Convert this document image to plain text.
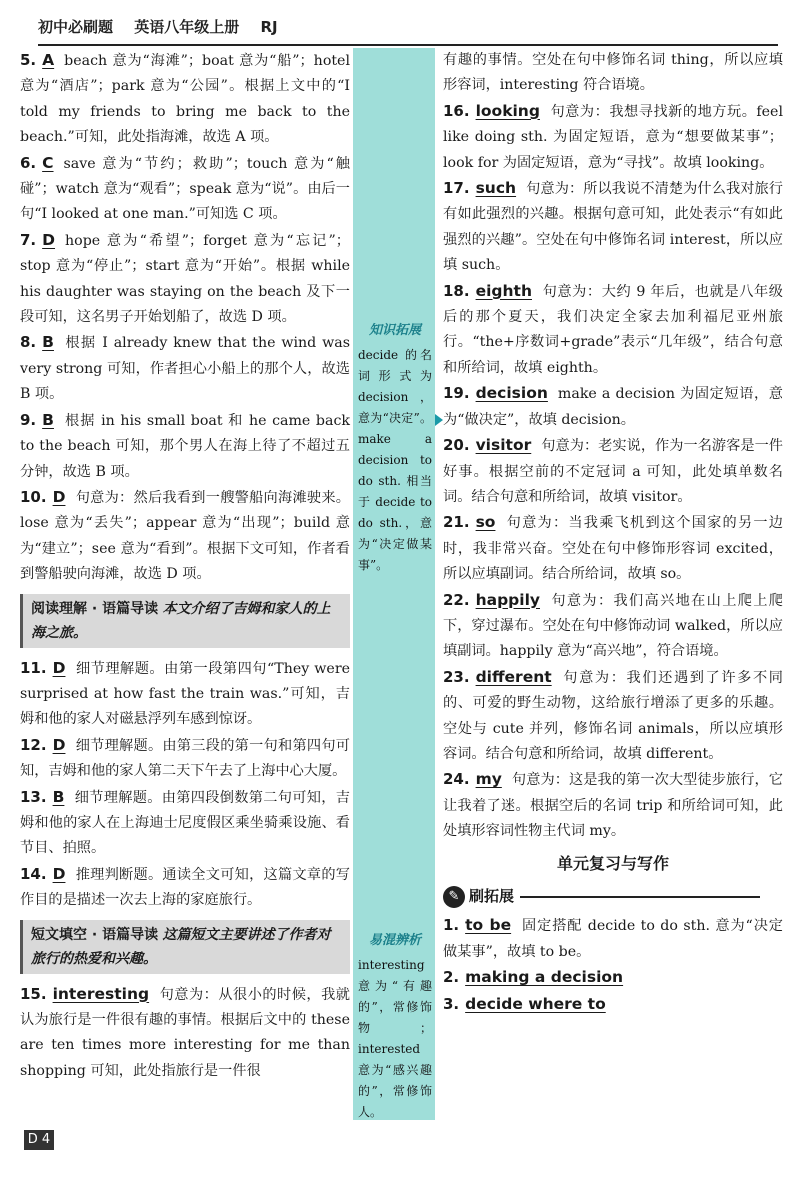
初中必刷题 英语八年级上册 RJ
5. A beach 意为“海滩”；boat 意为“船”；hotel 意为“酒店”；park 意为“公园”。根据上文中的“I told my friends to bring me back to the beach.”可知，此处指海滩，故选 A 项。
6. C save 意为“节约；救助”；touch 意为“触碰”；watch 意为“观看”；speak 意为“说”。由后一句“I looked at one man.”可知选 C 项。
7. D hope 意为“希望”；forget 意为“忘记”；stop 意为“停止”；start 意为“开始”。根据 while his daughter was staying on the beach 及下一段可知，这名男子开始划船了，故选 D 项。
8. B 根据 I already knew that the wind was very strong 可知，作者担心小船上的那个人，故选 B 项。
9. B 根据 in his small boat 和 he came back to the beach 可知，那个男人在海上待了不超过五分钟，故选 B 项。
10. D 句意为：然后我看到一艘警船向海滩驶来。lose 意为“丢失”；appear 意为“出现”；build 意为“建立”；see 意为“看到”。根据下文可知，作者看到警船驶向海滩，故选 D 项。
阅读理解 · 语篇导读 本文介绍了吉姆和家人的上海之旅。
11. D 细节理解题。由第一段第四句“They were surprised at how fast the train was.”可知，吉姆和他的家人对磁悬浮列车感到惊讶。
12. D 细节理解题。由第三段的第一句和第四句可知，吉姆和他的家人第二天下午去了上海中心大厦。
13. B 细节理解题。由第四段倒数第二句可知，吉姆和他的家人在上海迪士尼度假区乘坐骑乘设施、看节目、拍照。
14. D 推理判断题。通读全文可知，这篇文章的写作目的是描述一次去上海的家庭旅行。
短文填空 · 语篇导读 这篇短文主要讲述了作者对旅行的热爱和兴趣。
15. interesting 句意为：从很小的时候，我就认为旅行是一件很有趣的事情。根据后文中的 these are ten times more interesting for me than shopping 可知，此处指旅行是一件很
知识拓展
decide 的名词形式为 decision，意为“决定”。make a decision to do sth. 相当于 decide to do sth.，意为“决定做某事”。
易混辨析
interesting 意为“有趣的”，常修饰物；interested 意为“感兴趣的”，常修饰人。
有趣的事情。空处在句中修饰名词 thing，所以应填形容词，interesting 符合语境。
16. looking 句意为：我想寻找新的地方玩。feel like doing sth. 为固定短语，意为“想要做某事”；look for 为固定短语，意为“寻找”。故填 looking。
17. such 句意为：所以我说不清楚为什么我对旅行有如此强烈的兴趣。根据句意可知，此处表示“有如此强烈的兴趣”。空处在句中修饰名词 interest，所以应填 such。
18. eighth 句意为：大约 9 年后，也就是八年级后的那个夏天，我们决定全家去加利福尼亚州旅行。“the+序数词+grade”表示“几年级”，结合句意和所给词，故填 eighth。
19. decision make a decision 为固定短语，意为“做决定”，故填 decision。
20. visitor 句意为：老实说，作为一名游客是一件好事。根据空前的不定冠词 a 可知，此处填单数名词。结合句意和所给词，故填 visitor。
21. so 句意为：当我乘飞机到这个国家的另一边时，我非常兴奋。空处在句中修饰形容词 excited，所以应填副词。结合所给词，故填 so。
22. happily 句意为：我们高兴地在山上爬上爬下，穿过瀑布。空处在句中修饰动词 walked，所以应填副词。happily 意为“高兴地”，符合语境。
23. different 句意为：我们还遇到了许多不同的、可爱的野生动物，这给旅行增添了更多的乐趣。空处与 cute 并列，修饰名词 animals，所以应填形容词。结合句意和所给词，故填 different。
24. my 句意为：这是我的第一次大型徒步旅行，它让我着了迷。根据空后的名词 trip 和所给词可知，此处填形容词性物主代词 my。
单元复习与写作
✎ 刷拓展
1. to be 固定搭配 decide to do sth. 意为“决定做某事”，故填 to be。
2. making a decision
3. decide where to
D 4
